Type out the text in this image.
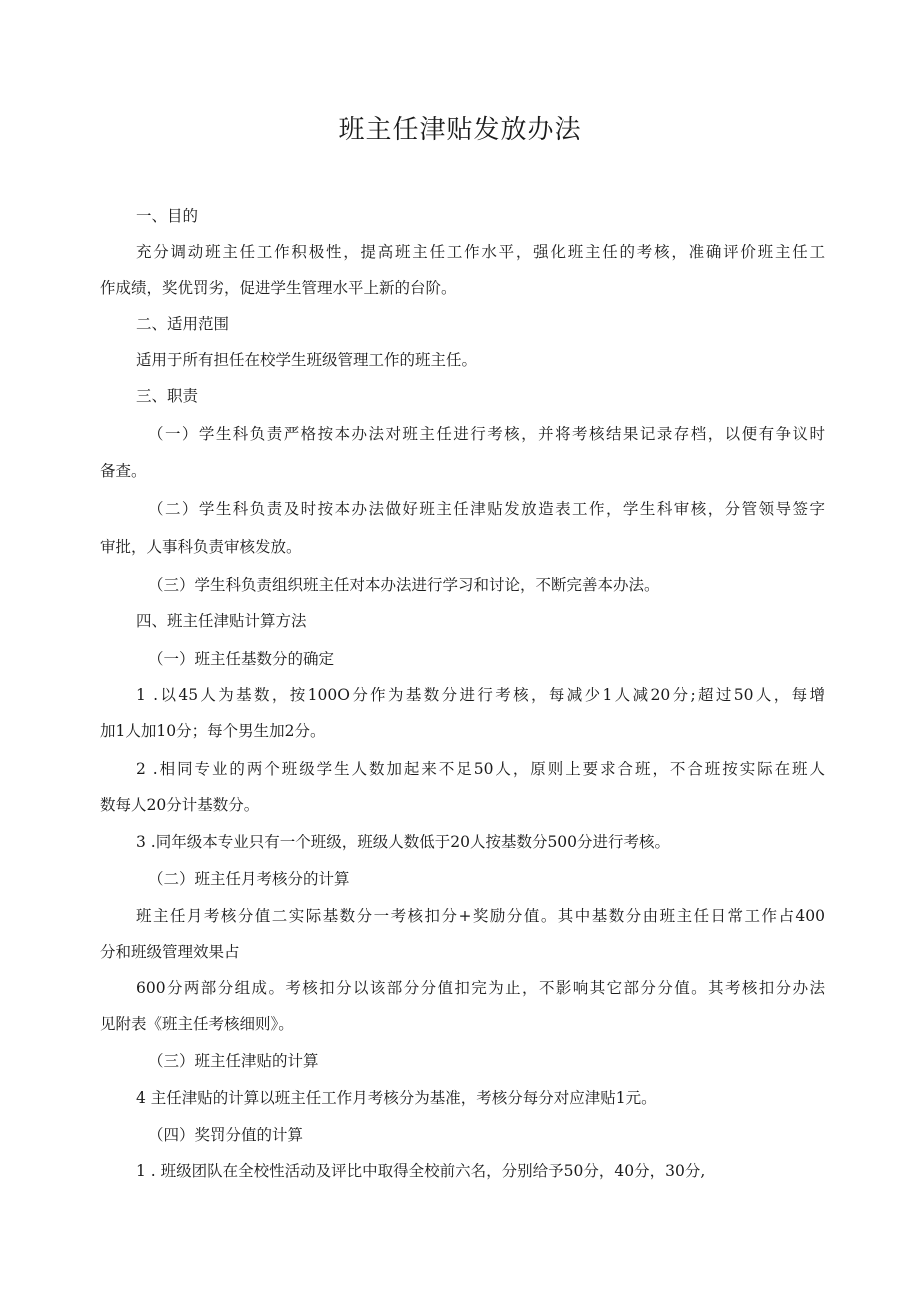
班主任津贴发放办法
一、目的
充分调动班主任工作积极性，提高班主任工作水平，强化班主任的考核，准确评价班主任工
作成绩，奖优罚劣，促进学生管理水平上新的台阶。
二、适用范围
适用于所有担任在校学生班级管理工作的班主任。
三、职责
（一）学生科负责严格按本办法对班主任进行考核，并将考核结果记录存档，以便有争议时
备查。
（二）学生科负责及时按本办法做好班主任津贴发放造表工作，学生科审核，分管领导签字
审批，人事科负责审核发放。
（三）学生科负责组织班主任对本办法进行学习和讨论，不断完善本办法。
四、班主任津贴计算方法
（一）班主任基数分的确定
1 .以45人为基数，按100O分作为基数分进行考核，每减少1人减20分;超过50人，每增
加1人加10分；每个男生加2分。
2 .相同专业的两个班级学生人数加起来不足50人，原则上要求合班，不合班按实际在班人
数每人20分计基数分。
3 .同年级本专业只有一个班级，班级人数低于20人按基数分500分进行考核。
（二）班主任月考核分的计算
班主任月考核分值二实际基数分一考核扣分+奖励分值。其中基数分由班主任日常工作占400
分和班级管理效果占
600分两部分组成。考核扣分以该部分分值扣完为止，不影响其它部分分值。其考核扣分办法
见附表《班主任考核细则》。
（三）班主任津贴的计算
4 主任津贴的计算以班主任工作月考核分为基准，考核分每分对应津贴1元。
（四）奖罚分值的计算
1 . 班级团队在全校性活动及评比中取得全校前六名，分别给予50分，40分，30分,
